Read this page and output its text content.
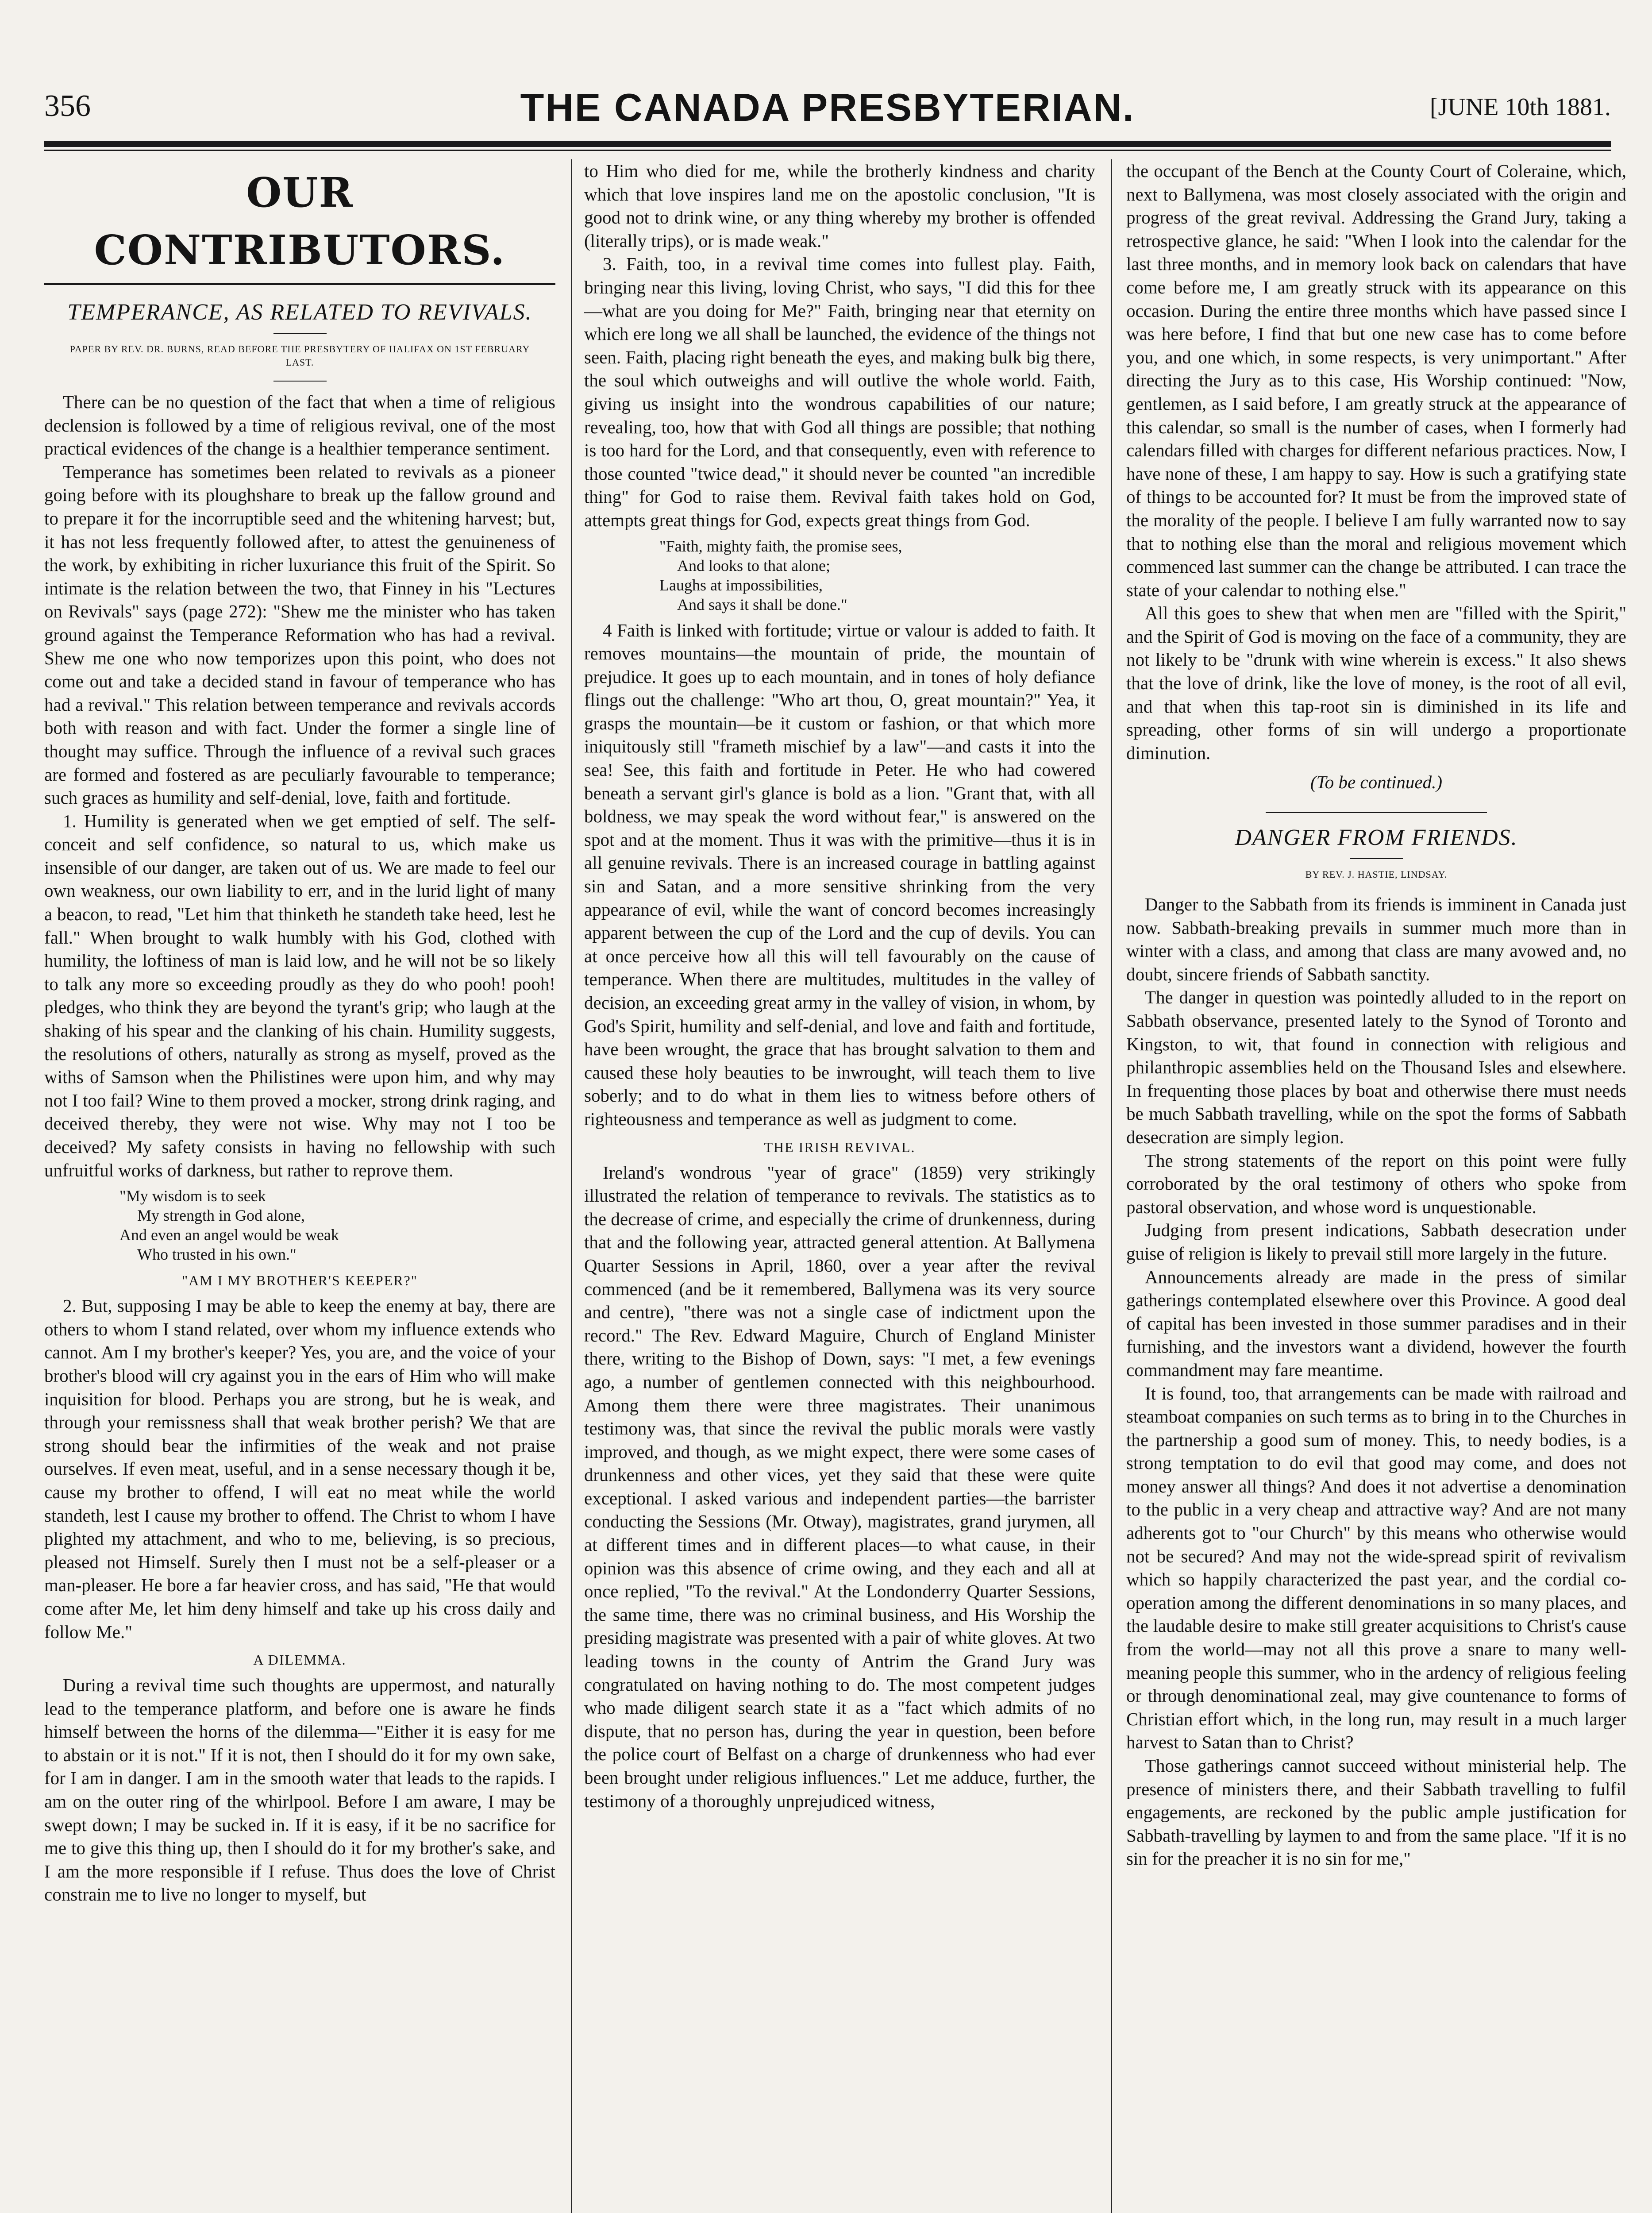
356	THE CANADA PRESBYTERIAN.	[JUNE 10th 1881.
OUR CONTRIBUTORS.
TEMPERANCE, AS RELATED TO REVIVALS.
PAPER BY REV. DR. BURNS, READ BEFORE THE PRESBYTERY OF HALIFAX ON 1ST FEBRUARY LAST.

There can be no question of the fact that when a time of religious declension is followed by a time of religious revival, one of the most practical evidences of the change is a healthier temperance sentiment.

Temperance has sometimes been related to revivals as a pioneer going before with its ploughshare to break up the fallow ground and to prepare it for the incorruptible seed and the whitening harvest; but, it has not less frequently followed after, to attest the genuineness of the work, by exhibiting in richer luxuriance this fruit of the Spirit. So intimate is the relation between the two, that Finney in his "Lectures on Revivals" says (page 272): "Shew me the minister who has taken ground against the Temperance Reformation who has had a revival. Shew me one who now temporizes upon this point, who does not come out and take a decided stand in favour of temperance who has had a revival." This relation between temperance and revivals accords both with reason and with fact. Under the former a single line of thought may suffice. Through the influence of a revival such graces are formed and fostered as are peculiarly favourable to temperance; such graces as humility and self-denial, love, faith and fortitude.

1. Humility is generated when we get emptied of self. The self-conceit and self confidence, so natural to us, which make us insensible of our danger, are taken out of us. We are made to feel our own weakness, our own liability to err, and in the lurid light of many a beacon, to read, "Let him that thinketh he standeth take heed, lest he fall." When brought to walk humbly with his God, clothed with humility, the loftiness of man is laid low, and he will not be so likely to talk any more so exceeding proudly as they do who pooh! pooh! pledges, who think they are beyond the tyrant's grip; who laugh at the shaking of his spear and the clanking of his chain. Humility suggests, the resolutions of others, naturally as strong as myself, proved as the withs of Samson when the Philistines were upon him, and why may not I too fail? Wine to them proved a mocker, strong drink raging, and deceived thereby, they were not wise. Why may not I too be deceived? My safety consists in having no fellowship with such unfruitful works of darkness, but rather to reprove them.

"My wisdom is to seek
My strength in God alone,
And even an angel would be weak
Who trusted in his own."
"AM I MY BROTHER'S KEEPER?"

2. But, supposing I may be able to keep the enemy at bay, there are others to whom I stand related, over whom my influence extends who cannot. Am I my brother's keeper? Yes, you are, and the voice of your brother's blood will cry against you in the ears of Him who will make inquisition for blood. Perhaps you are strong, but he is weak, and through your remissness shall that weak brother perish? We that are strong should bear the infirmities of the weak and not praise ourselves. If even meat, useful, and in a sense necessary though it be, cause my brother to offend, I will eat no meat while the world standeth, lest I cause my brother to offend. The Christ to whom I have plighted my attachment, and who to me, believing, is so precious, pleased not Himself. Surely then I must not be a self-pleaser or a man-pleaser. He bore a far heavier cross, and has said, "He that would come after Me, let him deny himself and take up his cross daily and follow Me."

A DILEMMA.

During a revival time such thoughts are uppermost, and naturally lead to the temperance platform, and before one is aware he finds himself between the horns of the dilemma—"Either it is easy for me to abstain or it is not." If it is not, then I should do it for my own sake, for I am in danger. I am in the smooth water that leads to the rapids. I am on the outer ring of the whirlpool. Before I am aware, I may be swept down; I may be sucked in. If it is easy, if it be no sacrifice for me to give this thing up, then I should do it for my brother's sake, and I am the more responsible if I refuse. Thus does the love of Christ constrain me to live no longer to myself, but

to Him who died for me, while the brotherly kindness and charity which that love inspires land me on the apostolic conclusion, "It is good not to drink wine, or any thing whereby my brother is offended (literally trips), or is made weak."

3. Faith, too, in a revival time comes into fullest play. Faith, bringing near this living, loving Christ, who says, "I did this for thee—what are you doing for Me?" Faith, bringing near that eternity on which ere long we all shall be launched, the evidence of the things not seen. Faith, placing right beneath the eyes, and making bulk big there, the soul which outweighs and will outlive the whole world. Faith, giving us insight into the wondrous capabilities of our nature; revealing, too, how that with God all things are possible; that nothing is too hard for the Lord, and that consequently, even with reference to those counted "twice dead," it should never be counted "an incredible thing" for God to raise them. Revival faith takes hold on God, attempts great things for God, expects great things from God.

"Faith, mighty faith, the promise sees,
And looks to that alone;
Laughs at impossibilities,
And says it shall be done."

4 Faith is linked with fortitude; virtue or valour is added to faith. It removes mountains—the mountain of pride, the mountain of prejudice. It goes up to each mountain, and in tones of holy defiance flings out the challenge: "Who art thou, O, great mountain?" Yea, it grasps the mountain—be it custom or fashion, or that which more iniquitously still "frameth mischief by a law"—and casts it into the sea! See, this faith and fortitude in Peter. He who had cowered beneath a servant girl's glance is bold as a lion. "Grant that, with all boldness, we may speak the word without fear," is answered on the spot and at the moment. Thus it was with the primitive—thus it is in all genuine revivals. There is an increased courage in battling against sin and Satan, and a more sensitive shrinking from the very appearance of evil, while the want of concord becomes increasingly apparent between the cup of the Lord and the cup of devils. You can at once perceive how all this will tell favourably on the cause of temperance. When there are multitudes, multitudes in the valley of decision, an exceeding great army in the valley of vision, in whom, by God's Spirit, humility and self-denial, and love and faith and fortitude, have been wrought, the grace that has brought salvation to them and caused these holy beauties to be inwrought, will teach them to live soberly; and to do what in them lies to witness before others of righteousness and temperance as well as judgment to come.

THE IRISH REVIVAL.

Ireland's wondrous "year of grace" (1859) very strikingly illustrated the relation of temperance to revivals. The statistics as to the decrease of crime, and especially the crime of drunkenness, during that and the following year, attracted general attention. At Ballymena Quarter Sessions in April, 1860, over a year after the revival commenced (and be it remembered, Ballymena was its very source and centre), "there was not a single case of indictment upon the record." The Rev. Edward Maguire, Church of England Minister there, writing to the Bishop of Down, says: "I met, a few evenings ago, a number of gentlemen connected with this neighbourhood. Among them there were three magistrates. Their unanimous testimony was, that since the revival the public morals were vastly improved, and though, as we might expect, there were some cases of drunkenness and other vices, yet they said that these were quite exceptional. I asked various and independent parties—the barrister conducting the Sessions (Mr. Otway), magistrates, grand jurymen, all at different times and in different places—to what cause, in their opinion was this absence of crime owing, and they each and all at once replied, "To the revival." At the Londonderry Quarter Sessions, the same time, there was no criminal business, and His Worship the presiding magistrate was presented with a pair of white gloves. At two leading towns in the county of Antrim the Grand Jury was congratulated on having nothing to do. The most competent judges who made diligent search state it as a "fact which admits of no dispute, that no person has, during the year in question, been before the police court of Belfast on a charge of drunkenness who had ever been brought under religious influences." Let me adduce, further, the testimony of a thoroughly unprejudiced witness,

the occupant of the Bench at the County Court of Coleraine, which, next to Ballymena, was most closely associated with the origin and progress of the great revival. Addressing the Grand Jury, taking a retrospective glance, he said: "When I look into the calendar for the last three months, and in memory look back on calendars that have come before me, I am greatly struck with its appearance on this occasion. During the entire three months which have passed since I was here before, I find that but one new case has to come before you, and one which, in some respects, is very unimportant." After directing the Jury as to this case, His Worship continued: "Now, gentlemen, as I said before, I am greatly struck at the appearance of this calendar, so small is the number of cases, when I formerly had calendars filled with charges for different nefarious practices. Now, I have none of these, I am happy to say. How is such a gratifying state of things to be accounted for? It must be from the improved state of the morality of the people. I believe I am fully warranted now to say that to nothing else than the moral and religious movement which commenced last summer can the change be attributed. I can trace the state of your calendar to nothing else."

All this goes to shew that when men are "filled with the Spirit," and the Spirit of God is moving on the face of a community, they are not likely to be "drunk with wine wherein is excess." It also shews that the love of drink, like the love of money, is the root of all evil, and that when this tap-root sin is diminished in its life and spreading, other forms of sin will undergo a proportionate diminution.

(To be continued.)
DANGER FROM FRIENDS.
BY REV. J. HASTIE, LINDSAY.

Danger to the Sabbath from its friends is imminent in Canada just now. Sabbath-breaking prevails in summer much more than in winter with a class, and among that class are many avowed and, no doubt, sincere friends of Sabbath sanctity.

The danger in question was pointedly alluded to in the report on Sabbath observance, presented lately to the Synod of Toronto and Kingston, to wit, that found in connection with religious and philanthropic assemblies held on the Thousand Isles and elsewhere. In frequenting those places by boat and otherwise there must needs be much Sabbath travelling, while on the spot the forms of Sabbath desecration are simply legion.

The strong statements of the report on this point were fully corroborated by the oral testimony of others who spoke from pastoral observation, and whose word is unquestionable.

Judging from present indications, Sabbath desecration under guise of religion is likely to prevail still more largely in the future.

Announcements already are made in the press of similar gatherings contemplated elsewhere over this Province. A good deal of capital has been invested in those summer paradises and in their furnishing, and the investors want a dividend, however the fourth commandment may fare meantime.

It is found, too, that arrangements can be made with railroad and steamboat companies on such terms as to bring in to the Churches in the partnership a good sum of money. This, to needy bodies, is a strong temptation to do evil that good may come, and does not money answer all things? And does it not advertise a denomination to the public in a very cheap and attractive way? And are not many adherents got to "our Church" by this means who otherwise would not be secured? And may not the wide-spread spirit of revivalism which so happily characterized the past year, and the cordial co-operation among the different denominations in so many places, and the laudable desire to make still greater acquisitions to Christ's cause from the world—may not all this prove a snare to many well-meaning people this summer, who in the ardency of religious feeling or through denominational zeal, may give countenance to forms of Christian effort which, in the long run, may result in a much larger harvest to Satan than to Christ?

Those gatherings cannot succeed without ministerial help. The presence of ministers there, and their Sabbath travelling to fulfil engagements, are reckoned by the public ample justification for Sabbath-travelling by laymen to and from the same place. "If it is no sin for the preacher it is no sin for me,"
